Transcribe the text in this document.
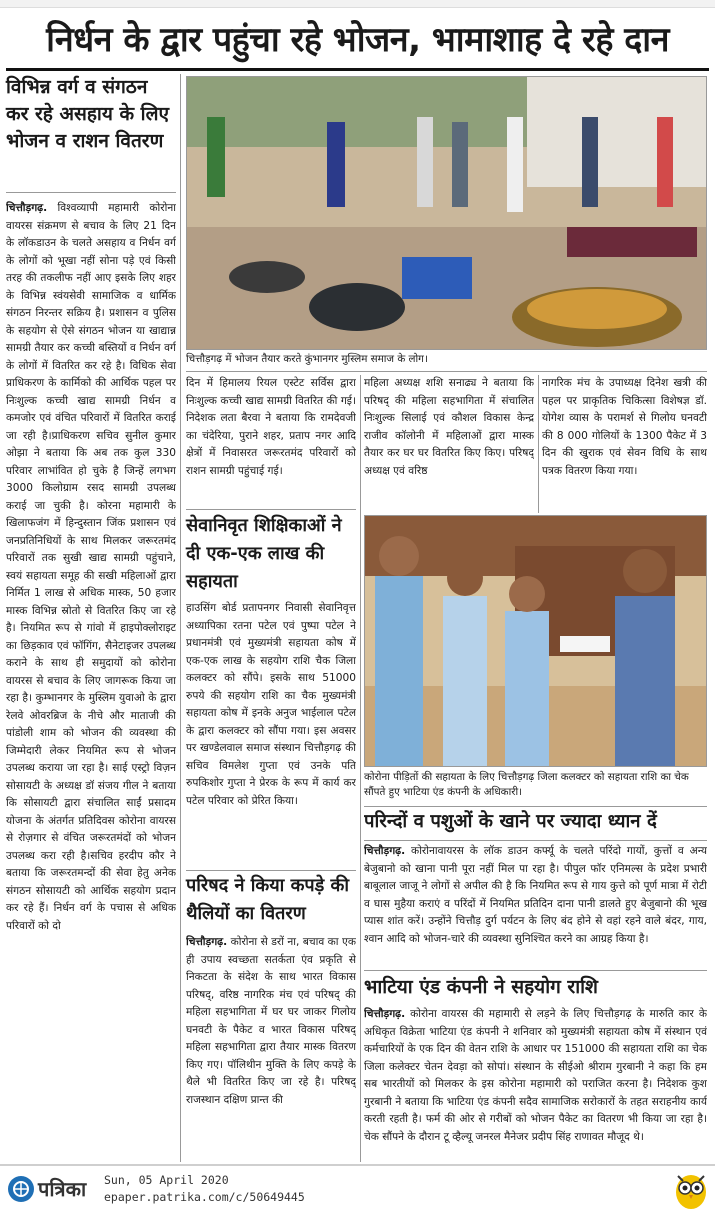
निर्धन के द्वार पहुंचा रहे भोजन, भामाशाह दे रहे दान
विभिन्न वर्ग व संगठन कर रहे असहाय के लिए भोजन व राशन वितरण
चित्तौड़गढ़. विश्वव्यापी महामारी कोरोना वायरस संक्रमण से बचाव के लिए 21 दिन के लॉकडाउन के चलते असहाय व निर्धन वर्ग के लोगों को भूखा नहीं सोना पड़े एवं किसी तरह की तकलीफ नहीं आए इसके लिए शहर के विभिन्न स्वंयसेवी सामाजिक व धार्मिक संगठन निरन्तर सक्रिय है। प्रशासन व पुलिस के सहयोग से ऐसे संगठन भोजन या खाद्यान्न सामग्री तैयार कर कच्ची बस्तियों व निर्धन वर्ग के लोगों में वितरित कर रहे है। विधिक सेवा प्राधिकरण के कार्मिको की आर्थिक पहल पर निःशुल्क कच्ची खाद्य सामग्री निर्धन व कमजोर एवं वंचित परिवारों में वितरित कराई जा रही है।प्राधिकरण सचिव सुनील कुमार ओझा ने बताया कि अब तक कुल 330 परिवार लाभांवित हो चुके है जिन्हें लगभग 3000 किलोग्राम रसद सामग्री उपलब्ध कराई जा चुकी है। कोरना महामारी के खिलाफजंग में हिन्दुस्तान जिंक प्रशासन एवं जनप्रतिनिधियों के साथ मिलकर जरूरतमंद परिवारों तक सुखी खाद्य सामग्री पहुंचाने, स्वयं सहायता समूह की सखी महिलाओं द्वारा निर्मित 1 लाख से अधिक मास्क, 50 हजार मास्क विभिन्न स्रोतो से वितरित किए जा रहे है। नियमित रूप से गांवो में हाइपोक्लोराइट का छिड़काव एवं फॉगिंग, सैनेटाइजर उपलब्ध कराने के साथ ही समुदायों को कोरोना वायरस से बचाव के लिए जागरूक किया जा रहा है। कुम्भानगर के मुस्लिम युवाओ के द्वारा रेलवे ओवरब्रिज के नीचे और माताजी की पांडोली शाम को भोजन की व्यवस्था की जिम्मेदारी लेकर नियमित रूप से भोजन उपलब्ध कराया जा रहा है। साई एस्ट्रो विज़न सोसायटी के अध्यक्ष डॉ संजय गील ने बताया कि सोसायटी द्वारा संचालित साईं प्रसादम योजना के अंतर्गत प्रतिदिवस कोरोना वायरस से रोज़गार से वंचित जरूरतमंदों को भोजन उपलब्ध करा रही है।सचिव हरदीप कौर ने बताया कि जरूरतमन्दों की सेवा हेतु अनेक संगठन सोसायटी को आर्थिक सहयोग प्रदान कर रहे हैं। निर्धन वर्ग के पचास से अधिक परिवारों को दो
चित्तौड़गढ़ में भोजन तैयार करते कुंभानगर मुस्लिम समाज के लोग।
दिन में हिमालय रियल एस्टेट सर्विस द्वारा निःशुल्क कच्ची खाद्य सामग्री वितरित की गई। निदेशक लता बैरवा ने बताया कि रामदेवजी का चंदेरिया, पुराने शहर, प्रताप नगर आदि क्षेत्रों में निवासरत जरूरतमंद परिवारों को राशन सामग्री पहुंचाई गई।
महिला अध्यक्ष शशि सनाढ्य ने बताया कि परिषद् की महिला सहभागिता में संचालित निःशुल्क सिलाई एवं कौशल विकास केन्द्र राजीव कॉलोनी में महिलाओं द्वारा मास्क तैयार कर घर घर वितरित किए किए। परिषद् अध्यक्ष एवं वरिष्ठ
नागरिक मंच के उपाध्यक्ष दिनेश खत्री की पहल पर प्राकृतिक चिकित्सा विशेषज्ञ डॉ. योगेश व्यास के परामर्श से गिलोय घनवटी की 8 000 गोलियों के 1300 पैकेट में 3 दिन की खुराक एवं सेवन विधि के साथ पत्रक वितरण किया गया।
सेवानिवृत शिक्षिकाओं ने दी एक-एक लाख की सहायता
हाउसिंग बोर्ड प्रतापनगर निवासी सेवानिवृत्त अध्यापिका रतना पटेल एवं पुष्पा पटेल ने प्रधानमंत्री एवं मुख्यमंत्री सहायता कोष में एक-एक लाख के सहयोग राशि चैक जिला कलक्टर को सौंपे। इसके साथ 51000 रुपये की सहयोग राशि का चैक मुख्यमंत्री सहायता कोष में इनके अनुज भाईलाल पटेल के द्वारा कलक्टर को सौंपा गया। इस अवसर पर खण्डेलवाल समाज संस्थान चित्तौड़गढ़ की सचिव विमलेश गुप्ता एवं उनके पति रुपकिशोर गुप्ता ने प्रेरक के रूप में कार्य कर पटेल परिवार को प्रेरित किया।
परिषद ने किया कपड़े की थैलियों का वितरण
चित्तौड़गढ़. कोरोना से डरों ना, बचाव का एक ही उपाय स्वच्छता सतर्कता एंव प्रकृति से निकटता के संदेश के साथ भारत विकास परिषद्, वरिष्ठ नागरिक मंच एवं परिषद् की महिला सहभागिता में घर घर जाकर गिलोय घनवटी के पैकेट व भारत विकास परिषद् महिला सहभागिता द्वारा तैयार मास्क वितरण किए गए। पॉलिथीन मुक्ति के लिए कपड़े के थैले भी वितरित किए जा रहे है। परिषद् राजस्थान दक्षिण प्रान्त की
कोरोना पीड़ितों की सहायता के लिए चित्तौड़गढ़ जिला कलक्टर को सहायता राशि का चेक सौंपते हुए भाटिया एंड कंपनी के अधिकारी।
परिन्दों व पशुओं के खाने पर ज्यादा ध्यान दें
चित्तौड़गढ़. कोरोनावायरस के लॉक डाउन कर्फ्यू के चलते परिंदो गायों, कुत्तों व अन्य बेजुबानो को खाना पानी पूरा नहीं मिल पा रहा है। पीपुल फॉर एनिमल्स के प्रदेश प्रभारी बाबूलाल जाजू ने लोगों से अपील की है कि नियमित रूप से गाय कुत्ते को पूर्ण मात्रा में रोटी व घास मुहैया कराएं व परिंदों में नियमित प्रतिदिन दाना पानी डालते हुए बेजुबानो की भूख प्यास शांत करें। उन्होंने चित्तौड़ दुर्ग पर्यटन के लिए बंद होने से वहां रहने वाले बंदर, गाय, श्वान आदि को भोजन-चारे की व्यवस्था सुनिश्चित करने का आग्रह किया है।
भाटिया एंड कंपनी ने सहयोग राशि
चित्तौड़गढ़. कोरोना वायरस की महामारी से लड़ने के लिए चित्तौड़गढ़ के मारुति कार के अधिकृत विक्रेता भाटिया एंड कंपनी ने शनिवार को मुख्यमंत्री सहायता कोष में संस्थान एवं कर्मचारियों के एक दिन की वेतन राशि के आधार पर 151000 की सहायता राशि का चेक जिला कलेक्टर चेतन देवड़ा को सोपां। संस्थान के सीईओ श्रीराम गुरबानी ने कहा कि हम सब भारतीयों को मिलकर के इस कोरोना महामारी को पराजित करना है। निदेशक कुश गुरबानी ने बताया कि भाटिया एंड कंपनी सदैव सामाजिक सरोकारों के तहत सराहनीय कार्य करती रहती है। फर्म की ओर से गरीबों को भोजन पैकेट का वितरण भी किया जा रहा है। चेक सौंपने के दौरान टू व्हैल्यू जनरल मैनेजर प्रदीप सिंह राणावत मौजूद थे।
पत्रिका	Sun, 05 April 2020
epaper.patrika.com/c/50649445
